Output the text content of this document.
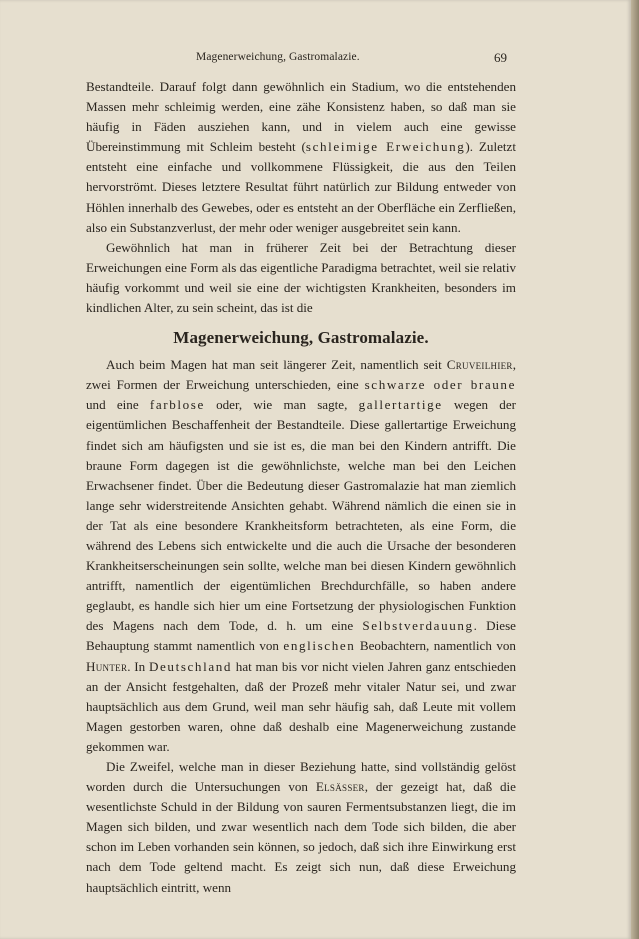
Magenerweichung, Gastromalazie.	69

Bestandteile. Darauf folgt dann gewöhnlich ein Stadium, wo die entstehenden Massen mehr schleimig werden, eine zähe Konsistenz haben, so daß man sie häufig in Fäden ausziehen kann, und in vielem auch eine gewisse Übereinstimmung mit Schleim besteht (schleimige Erweichung). Zuletzt entsteht eine einfache und vollkommene Flüssigkeit, die aus den Teilen hervorströmt. Dieses letztere Resultat führt natürlich zur Bildung entweder von Höhlen innerhalb des Gewebes, oder es entsteht an der Oberfläche ein Zerfließen, also ein Substanzverlust, der mehr oder weniger ausgebreitet sein kann.

Gewöhnlich hat man in früherer Zeit bei der Betrachtung dieser Erweichungen eine Form als das eigentliche Paradigma betrachtet, weil sie relativ häufig vorkommt und weil sie eine der wichtigsten Krankheiten, besonders im kindlichen Alter, zu sein scheint, das ist die

Magenerweichung, Gastromalazie.

Auch beim Magen hat man seit längerer Zeit, namentlich seit Cruveilhier, zwei Formen der Erweichung unterschieden, eine schwarze oder braune und eine farblose oder, wie man sagte, gallertartige wegen der eigentümlichen Beschaffenheit der Bestandteile. Diese gallertartige Erweichung findet sich am häufigsten und sie ist es, die man bei den Kindern antrifft. Die braune Form dagegen ist die gewöhnlichste, welche man bei den Leichen Erwachsener findet. Über die Bedeutung dieser Gastromalazie hat man ziemlich lange sehr widerstreitende Ansichten gehabt. Während nämlich die einen sie in der Tat als eine besondere Krankheitsform betrachteten, als eine Form, die während des Lebens sich entwickelte und die auch die Ursache der besonderen Krankheitserscheinungen sein sollte, welche man bei diesen Kindern gewöhnlich antrifft, namentlich der eigentümlichen Brechdurchfälle, so haben andere geglaubt, es handle sich hier um eine Fortsetzung der physiologischen Funktion des Magens nach dem Tode, d. h. um eine Selbstverdauung. Diese Behauptung stammt namentlich von englischen Beobachtern, namentlich von Hunter. In Deutschland hat man bis vor nicht vielen Jahren ganz entschieden an der Ansicht festgehalten, daß der Prozeß mehr vitaler Natur sei, und zwar hauptsächlich aus dem Grund, weil man sehr häufig sah, daß Leute mit vollem Magen gestorben waren, ohne daß deshalb eine Magenerweichung zustande gekommen war.

Die Zweifel, welche man in dieser Beziehung hatte, sind vollständig gelöst worden durch die Untersuchungen von Elsässer, der gezeigt hat, daß die wesentlichste Schuld in der Bildung von sauren Fermentsubstanzen liegt, die im Magen sich bilden, und zwar wesentlich nach dem Tode sich bilden, die aber schon im Leben vorhanden sein können, so jedoch, daß sich ihre Einwirkung erst nach dem Tode geltend macht. Es zeigt sich nun, daß diese Erweichung hauptsächlich eintritt, wenn
